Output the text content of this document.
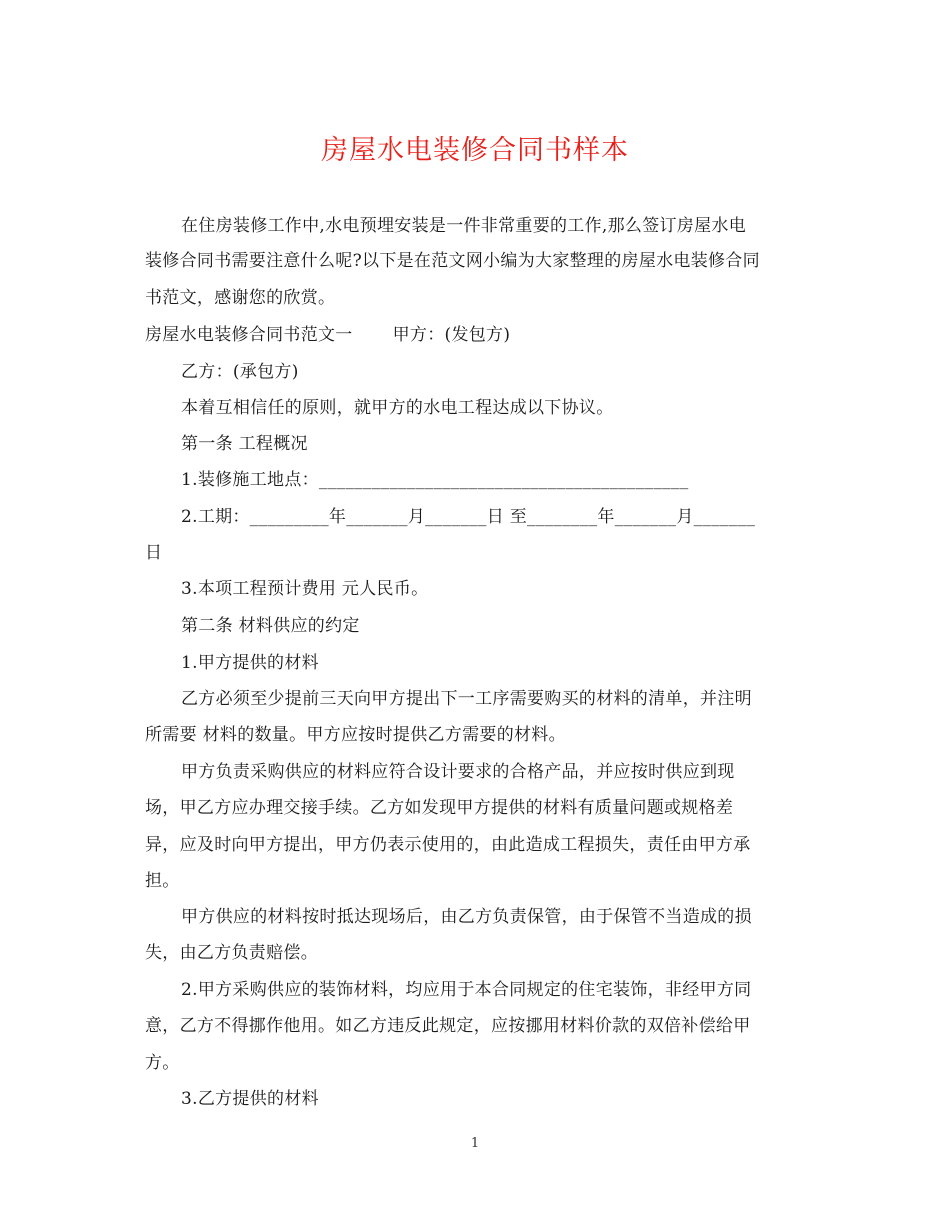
房屋水电装修合同书样本
在住房装修工作中,水电预埋安装是一件非常重要的工作,那么签订房屋水电
装修合同书需要注意什么呢?以下是在范文网小编为大家整理的房屋水电装修合同
书范文，感谢您的欣赏。
房屋水电装修合同书范文一 甲方：(发包方)
乙方：(承包方)
本着互相信任的原则，就甲方的水电工程达成以下协议。
第一条 工程概况
1.装修施工地点：__________________________________________
2.工期：_________年_______月_______日 至________年_______月_______
日
3.本项工程预计费用 元人民币。
第二条 材料供应的约定
1.甲方提供的材料
乙方必须至少提前三天向甲方提出下一工序需要购买的材料的清单，并注明
所需要 材料的数量。甲方应按时提供乙方需要的材料。
甲方负责采购供应的材料应符合设计要求的合格产品，并应按时供应到现
场，甲乙方应办理交接手续。乙方如发现甲方提供的材料有质量问题或规格差
异，应及时向甲方提出，甲方仍表示使用的，由此造成工程损失，责任由甲方承
担。
甲方供应的材料按时抵达现场后，由乙方负责保管，由于保管不当造成的损
失，由乙方负责赔偿。
2.甲方采购供应的装饰材料，均应用于本合同规定的住宅装饰，非经甲方同
意，乙方不得挪作他用。如乙方违反此规定，应按挪用材料价款的双倍补偿给甲
方。
3.乙方提供的材料
1
